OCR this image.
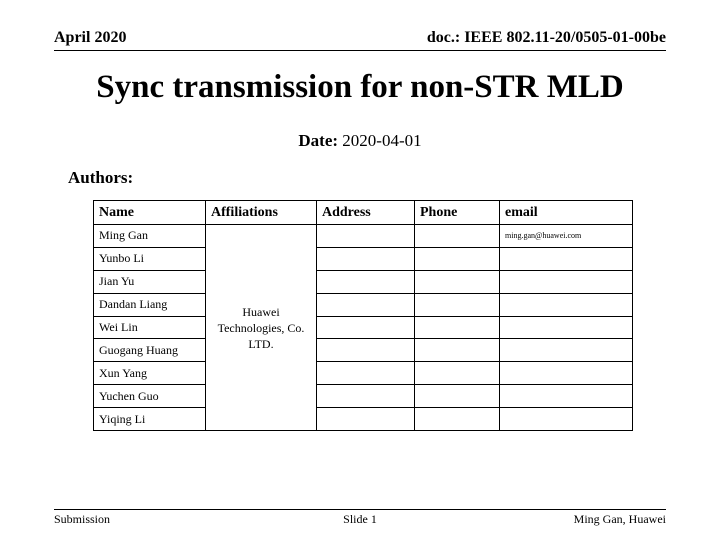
April 2020	doc.: IEEE 802.11-20/0505-01-00be
Sync transmission for non-STR MLD
Date: 2020-04-01
Authors:
Name	Affiliations	Address	Phone	email
Ming Gan	Huawei Technologies, Co. LTD.			ming.gan@huawei.com
Yunbo Li				
Jian Yu				
Dandan Liang				
Wei Lin				
Guogang Huang				
Xun Yang				
Yuchen Guo				
Yiqing Li				
Submission	Slide 1	Ming Gan, Huawei
